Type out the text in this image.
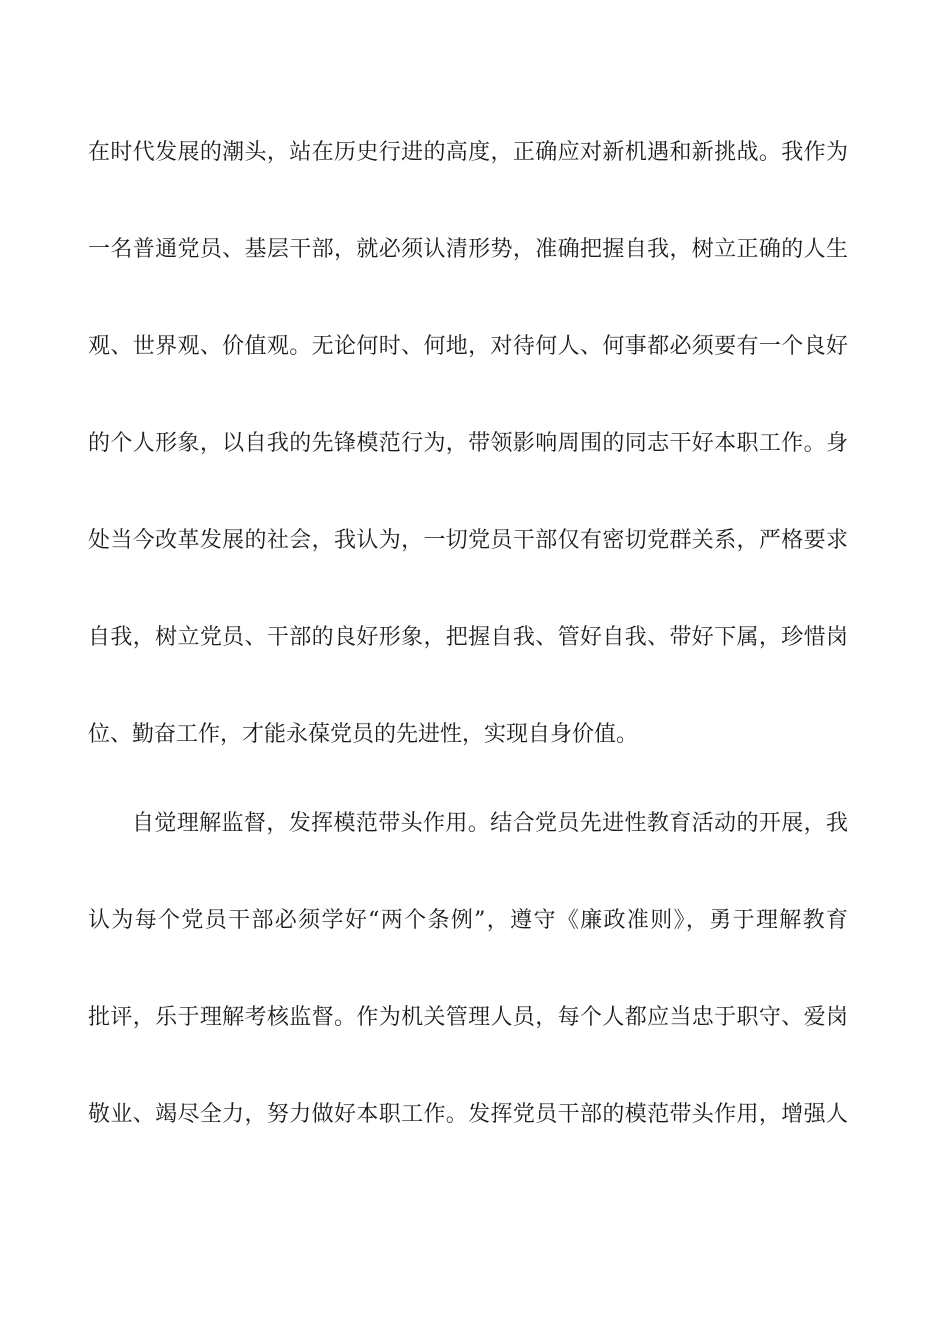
在时代发展的潮头，站在历史行进的高度，正确应对新机遇和新挑战。我作为
一名普通党员、基层干部，就必须认清形势，准确把握自我，树立正确的人生
观、世界观、价值观。无论何时、何地，对待何人、何事都必须要有一个良好
的个人形象，以自我的先锋模范行为，带领影响周围的同志干好本职工作。身
处当今改革发展的社会，我认为，一切党员干部仅有密切党群关系，严格要求
自我，树立党员、干部的良好形象，把握自我、管好自我、带好下属，珍惜岗
位、勤奋工作，才能永葆党员的先进性，实现自身价值。
自觉理解监督，发挥模范带头作用。结合党员先进性教育活动的开展，我
认为每个党员干部必须学好“两个条例”，遵守《廉政准则》，勇于理解教育
批评，乐于理解考核监督。作为机关管理人员，每个人都应当忠于职守、爱岗
敬业、竭尽全力，努力做好本职工作。发挥党员干部的模范带头作用，增强人
